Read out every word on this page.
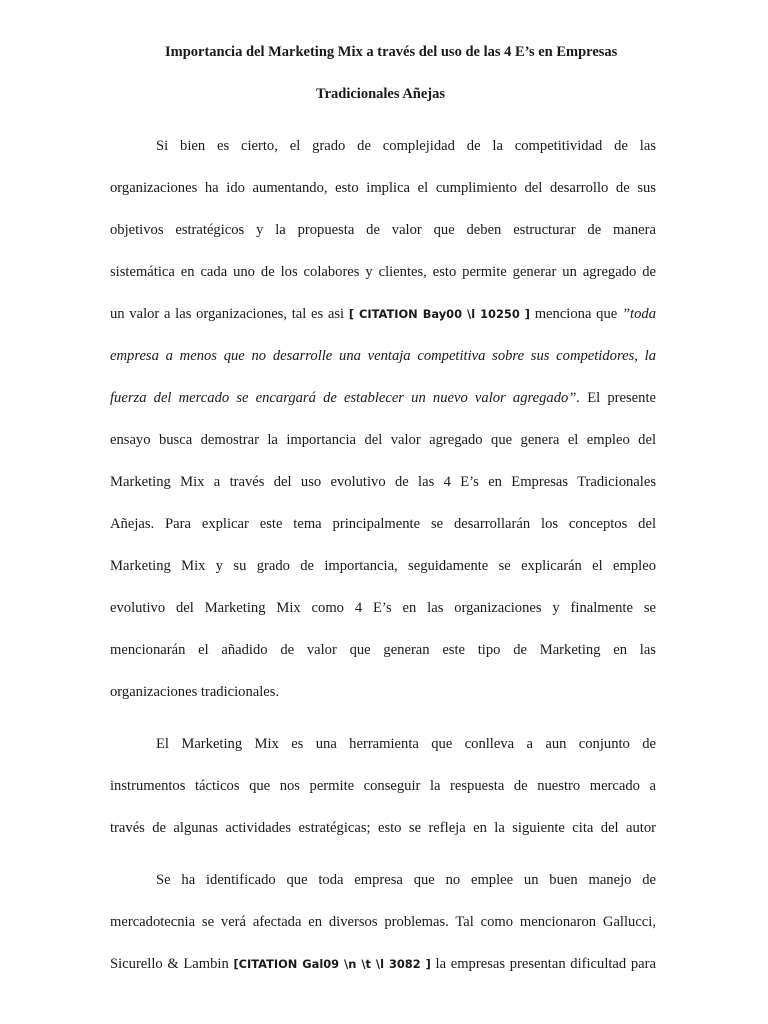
Importancia del Marketing Mix a través del uso de las 4 E’s en Empresas
Tradicionales Añejas
Si bien es cierto, el grado de complejidad de la competitividad de las
organizaciones ha ido aumentando, esto implica el cumplimiento del desarrollo de sus
objetivos estratégicos y la propuesta de valor que deben estructurar de manera
sistemática en cada uno de los colabores y clientes, esto permite generar un agregado de
un valor a las organizaciones, tal es asi [ CITATION Bay00 \l 10250 ] menciona que ”toda
empresa a menos que no desarrolle una ventaja competitiva sobre sus competidores, la
fuerza del mercado se encargará de establecer un nuevo valor agregado”. El presente
ensayo busca demostrar la importancia del valor agregado que genera el empleo del
Marketing Mix a través del uso evolutivo de las 4 E’s en Empresas Tradicionales
Añejas. Para explicar este tema principalmente se desarrollarán los conceptos del
Marketing Mix y su grado de importancia, seguidamente se explicarán el empleo
evolutivo del Marketing Mix como 4 E’s en las organizaciones y finalmente se
mencionarán el añadido de valor que generan este tipo de Marketing en las
organizaciones tradicionales.
El Marketing Mix es una herramienta que conlleva a aun conjunto de
instrumentos tácticos que nos permite conseguir la respuesta de nuestro mercado a
través de algunas actividades estratégicas; esto se refleja en la siguiente cita del autor
Se ha identificado que toda empresa que no emplee un buen manejo de
mercadotecnia se verá afectada en diversos problemas. Tal como mencionaron Gallucci,
Sicurello & Lambin [CITATION Gal09 \n \t \l 3082 ] la empresas presentan dificultad para
